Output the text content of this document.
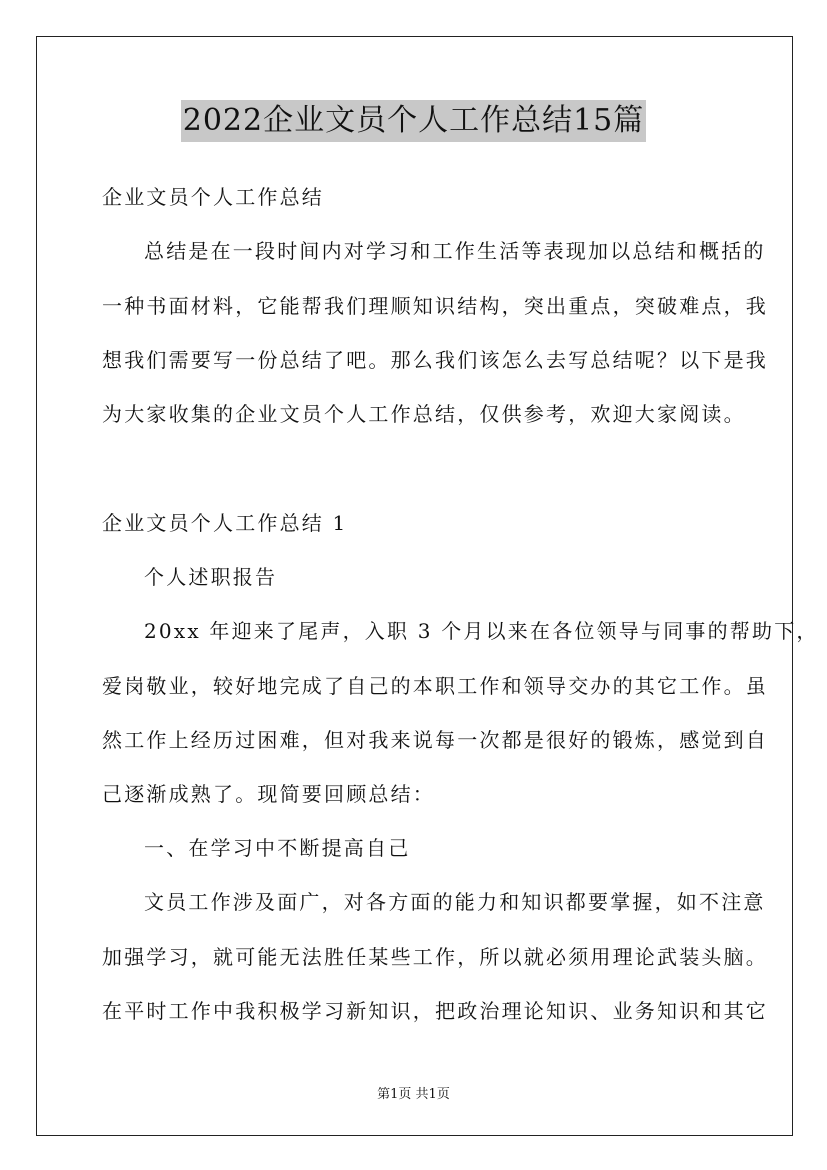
2022企业文员个人工作总结15篇
企业文员个人工作总结
总结是在一段时间内对学习和工作生活等表现加以总结和概括的
一种书面材料，它能帮我们理顺知识结构，突出重点，突破难点，我
想我们需要写一份总结了吧。那么我们该怎么去写总结呢？以下是我
为大家收集的企业文员个人工作总结，仅供参考，欢迎大家阅读。
企业文员个人工作总结 1
个人述职报告
20xx 年迎来了尾声，入职 3 个月以来在各位领导与同事的帮助下，
爱岗敬业，较好地完成了自己的本职工作和领导交办的其它工作。虽
然工作上经历过困难，但对我来说每一次都是很好的锻炼，感觉到自
己逐渐成熟了。现简要回顾总结：
一、在学习中不断提高自己
文员工作涉及面广，对各方面的能力和知识都要掌握，如不注意
加强学习，就可能无法胜任某些工作，所以就必须用理论武装头脑。
在平时工作中我积极学习新知识，把政治理论知识、业务知识和其它
第1页 共1页
